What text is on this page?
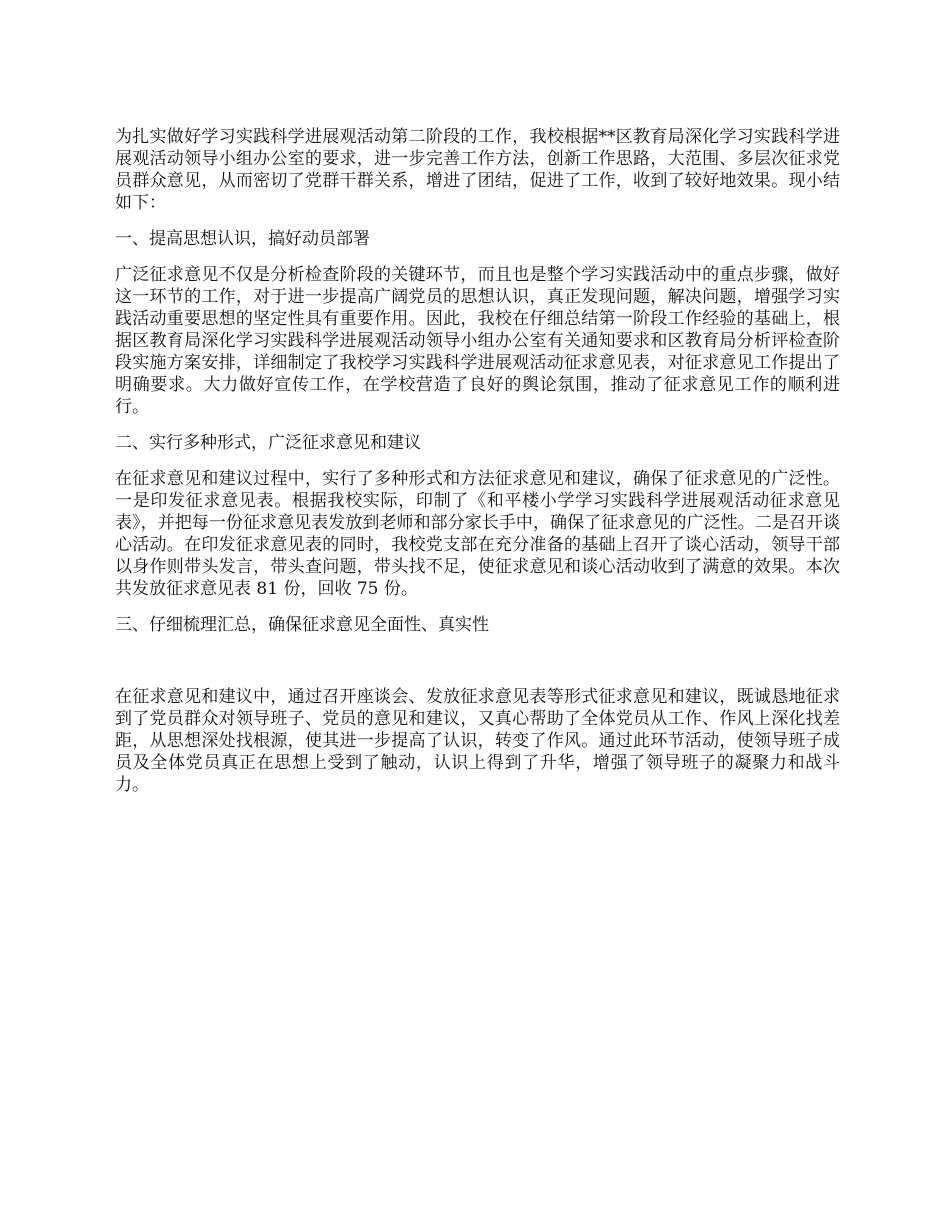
为扎实做好学习实践科学进展观活动第二阶段的工作，我校根据**区教育局深化学习实践科学进展观活动领导小组办公室的要求，进一步完善工作方法，创新工作思路，大范围、多层次征求党员群众意见，从而密切了党群干群关系，增进了团结，促进了工作，收到了较好地效果。现小结如下：

一、提高思想认识，搞好动员部署

广泛征求意见不仅是分析检查阶段的关键环节，而且也是整个学习实践活动中的重点步骤，做好这一环节的工作，对于进一步提高广阔党员的思想认识，真正发现问题，解决问题，增强学习实践活动重要思想的坚定性具有重要作用。因此，我校在仔细总结第一阶段工作经验的基础上，根据区教育局深化学习实践科学进展观活动领导小组办公室有关通知要求和区教育局分析评检查阶段实施方案安排，详细制定了我校学习实践科学进展观活动征求意见表，对征求意见工作提出了明确要求。大力做好宣传工作，在学校营造了良好的舆论氛围，推动了征求意见工作的顺利进行。

二、实行多种形式，广泛征求意见和建议

在征求意见和建议过程中，实行了多种形式和方法征求意见和建议，确保了征求意见的广泛性。一是印发征求意见表。根据我校实际，印制了《和平楼小学学习实践科学进展观活动征求意见表》，并把每一份征求意见表发放到老师和部分家长手中，确保了征求意见的广泛性。二是召开谈心活动。在印发征求意见表的同时，我校党支部在充分准备的基础上召开了谈心活动，领导干部以身作则带头发言，带头查问题，带头找不足，使征求意见和谈心活动收到了满意的效果。本次共发放征求意见表 81 份，回收 75 份。

三、仔细梳理汇总，确保征求意见全面性、真实性

在征求意见和建议中，通过召开座谈会、发放征求意见表等形式征求意见和建议，既诚恳地征求到了党员群众对领导班子、党员的意见和建议，又真心帮助了全体党员从工作、作风上深化找差距，从思想深处找根源，使其进一步提高了认识，转变了作风。通过此环节活动，使领导班子成员及全体党员真正在思想上受到了触动，认识上得到了升华，增强了领导班子的凝聚力和战斗力。
